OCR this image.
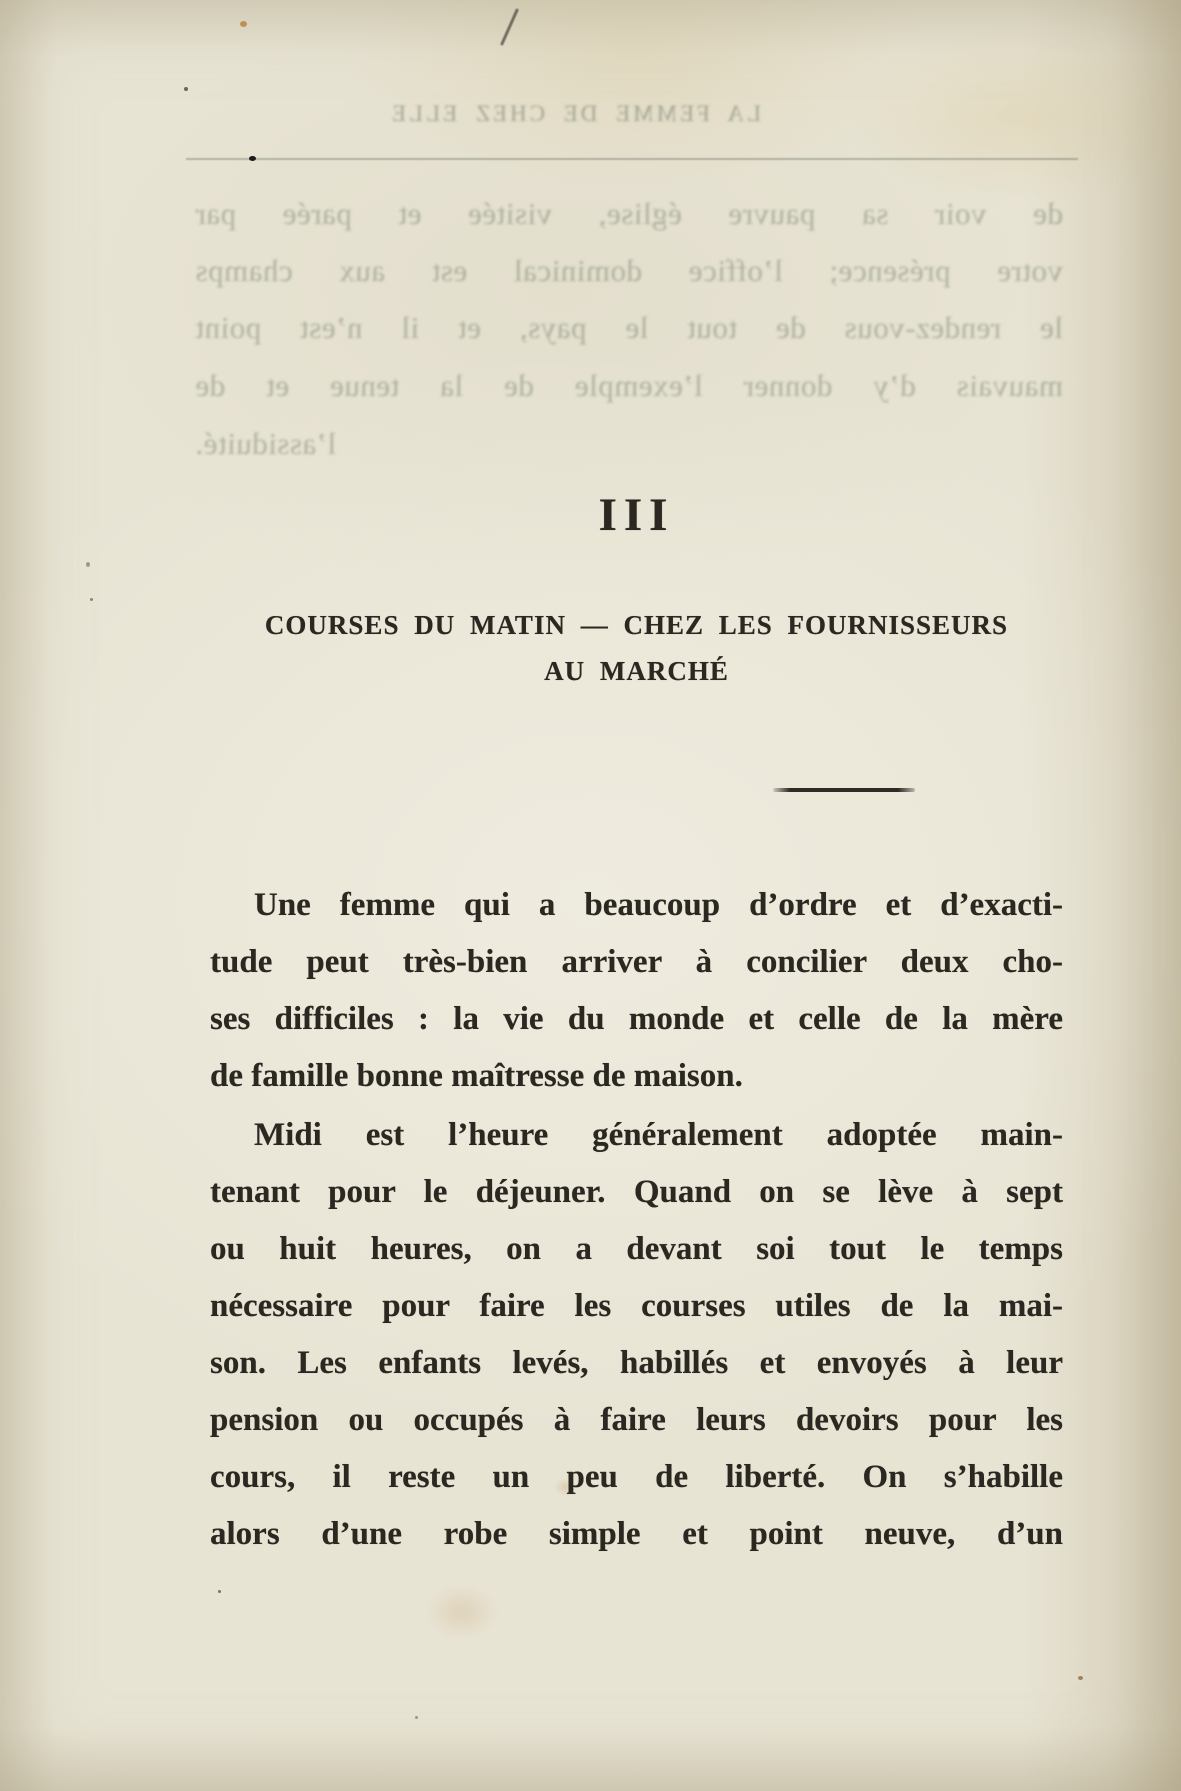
LA FEMME DE CHEZ ELLE
de voir sa pauvre église, visitée et parée par
votre présence; l’office dominical est aux champs
le rendez-vous de tout le pays, et il n’est point
mauvais d’y donner l’exemple de la tenue et de
l’assiduité.
III
COURSES DU MATIN — CHEZ LES FOURNISSEURS
AU MARCHÉ
Une femme qui a beaucoup d’ordre et d’exacti-
tude peut très-bien arriver à concilier deux cho-
ses difficiles : la vie du monde et celle de la mère
de famille bonne maîtresse de maison.
Midi est l’heure généralement adoptée main-
tenant pour le déjeuner. Quand on se lève à sept
ou huit heures, on a devant soi tout le temps
nécessaire pour faire les courses utiles de la mai-
son. Les enfants levés, habillés et envoyés à leur
pension ou occupés à faire leurs devoirs pour les
cours, il reste un peu de liberté. On s’habille
alors d’une robe simple et point neuve, d’un
